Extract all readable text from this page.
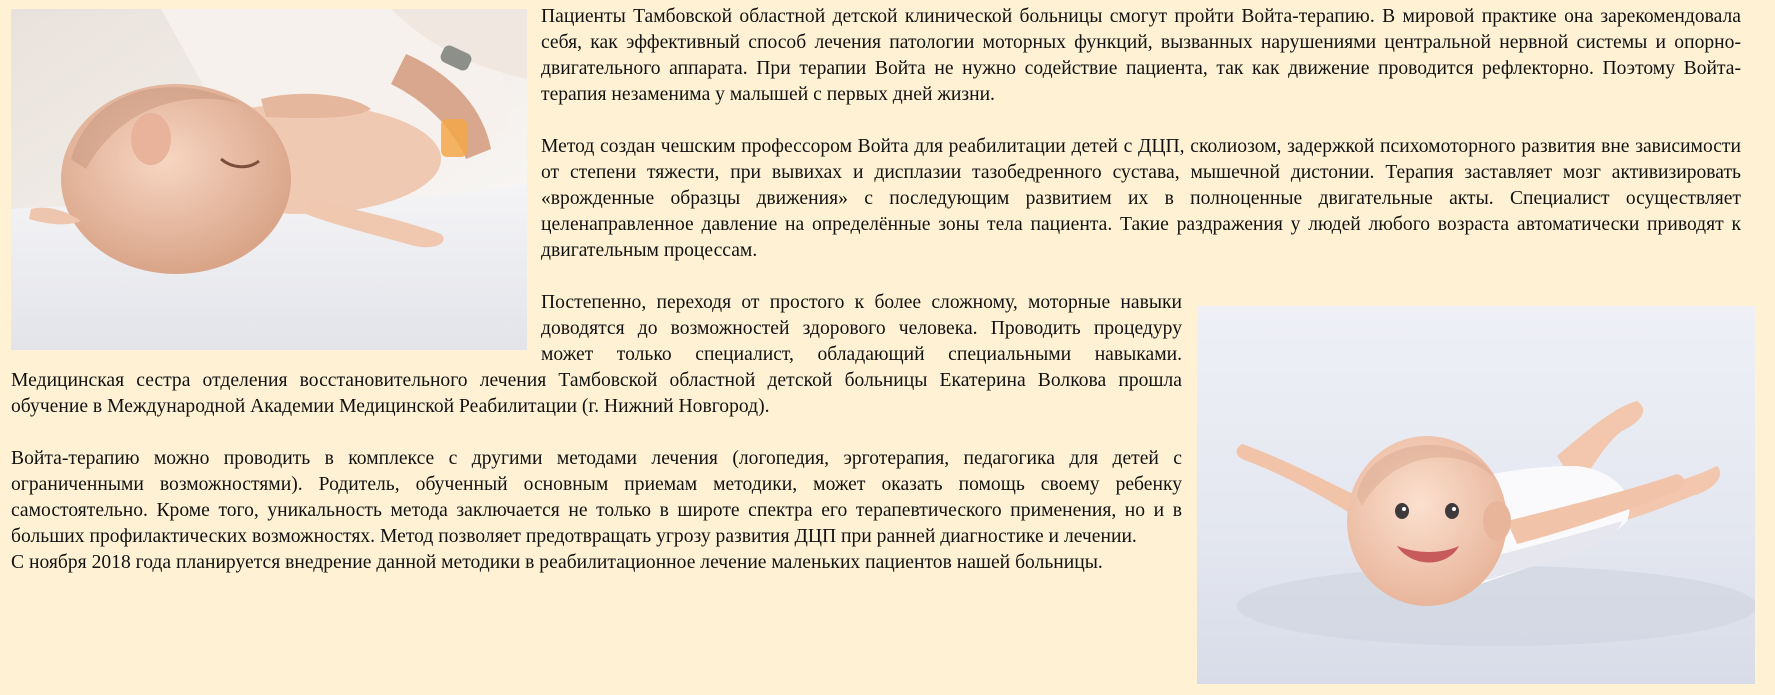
Пациенты Тамбовской областной детской клинической больницы смогут пройти Войта-терапию. В мировой практике она зарекомендовала себя, как эффективный способ лечения патологии моторных функций, вызванных нарушениями центральной нервной системы и опорно-двигательного аппарата. При терапии Войта не нужно содействие пациента, так как движение проводится рефлекторно. Поэтому Войта-терапия незаменима у малышей с первых дней жизни.

Метод создан чешским профессором Войта для реабилитации детей с ДЦП, сколиозом, задержкой психомоторного развития вне зависимости от степени тяжести, при вывихах и дисплазии тазобедренного сустава, мышечной дистонии. Терапия заставляет мозг активизировать «врожденные образцы движения» с последующим развитием их в полноценные двигательные акты. Специалист осуществляет целенаправленное давление на определённые зоны тела пациента. Такие раздражения у людей любого возраста автоматически приводят к двигательным процессам.

Постепенно, переходя от простого к более сложному, моторные навыки доводятся до возможностей здорового человека. Проводить процедуру может только специалист, обладающий специальными навыками. Медицинская сестра отделения восстановительного лечения Тамбовской областной детской больницы Екатерина Волкова прошла обучение в Международной Академии Медицинской Реабилитации (г. Нижний Новгород).

Войта-терапию можно проводить в комплексе с другими методами лечения (логопедия, эрготерапия, педагогика для детей с ограниченными возможностями). Родитель, обученный основным приемам методики, может оказать помощь своему ребенку самостоятельно. Кроме того, уникальность метода заключается не только в широте спектра его терапевтического применения, но и в больших профилактических возможностях. Метод позволяет предотвращать угрозу развития ДЦП при ранней диагностике и лечении.

С ноября 2018 года планируется внедрение данной методики в реабилитационное лечение маленьких пациентов нашей больницы.
